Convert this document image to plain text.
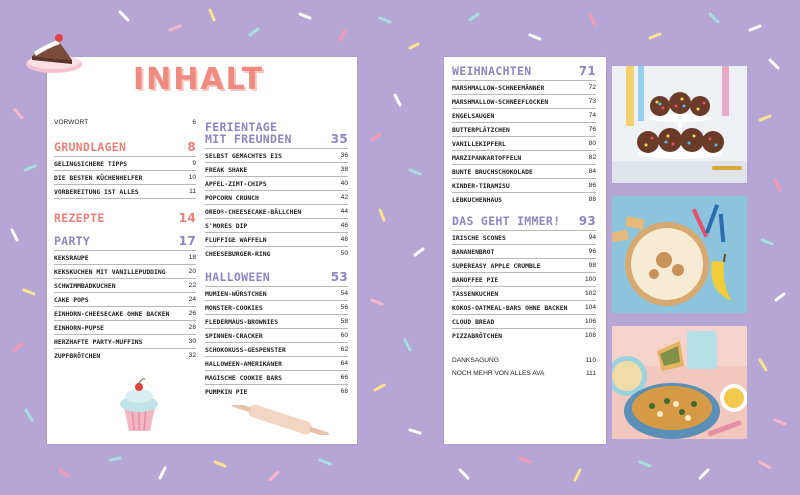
INHALT
VORWORT	6
GRUNDLAGEN	8
GELINGSICHERE TIPPS	9
DIE BESTEN KÜCHENHELFER	10
VORBEREITUNG IST ALLES	11
REZEPTE	14
PARTY	17
KEKSRAUPE	18
KEKSKUCHEN MIT VANILLEPUDDING	20
SCHWIMMBADKUCHEN	22
CAKE POPS	24
EINHORN-CHEESECAKE OHNE BACKEN	26
EINHORN-PUPSE	28
HERZHAFTE PARTY-MUFFINS	30
ZUPFBRÖTCHEN	32
FERIENTAGE
MIT FREUNDEN	35
SELBST GEMACHTES EIS	36
FREAK SHAKE	38
APFEL-ZIMT-CHIPS	40
POPCORN CRUNCH	42
OREO®-CHEESECAKE-BÄLLCHEN	44
S'MORES DIP	46
FLUFFIGE WAFFELN	48
CHEESEBURGER-RING	50
HALLOWEEN	53
MUMIEN-WÜRSTCHEN	54
MONSTER-COOKIES	56
FLEDERMAUS-BROWNIES	58
SPINNEN-CRACKER	60
SCHOKOKUSS-GESPENSTER	62
HALLOWEEN-AMERIKANER	64
MAGISCHE COOKIE BARS	66
PUMPKIN PIE	68
WEIHNACHTEN	71
MARSHMALLOW-SCHNEEMÄNNER	72
MARSHMALLOW-SCHNEEFLOCKEN	73
ENGELSAUGEN	74
BUTTERPLÄTZCHEN	76
VANILLEKIPFERL	80
MARZIPANKARTOFFELN	82
BUNTE BRUCHSCHOKOLADE	84
KINDER-TIRAMISU	86
LEBKUCHENHAUS	88
DAS GEHT IMMER! 93
IRISCHE SCONES	94
BANANENBROT	96
SUPEREASY APPLE CRUMBLE	98
BANOFFEE PIE	100
TASSENKUCHEN	102
KOKOS-OATMEAL-BARS OHNE BACKEN	104
CLOUD BREAD	106
PIZZABRÖTCHEN	108
DANKSAGUNG	110
NOCH MEHR VON ALLES AVA	111
